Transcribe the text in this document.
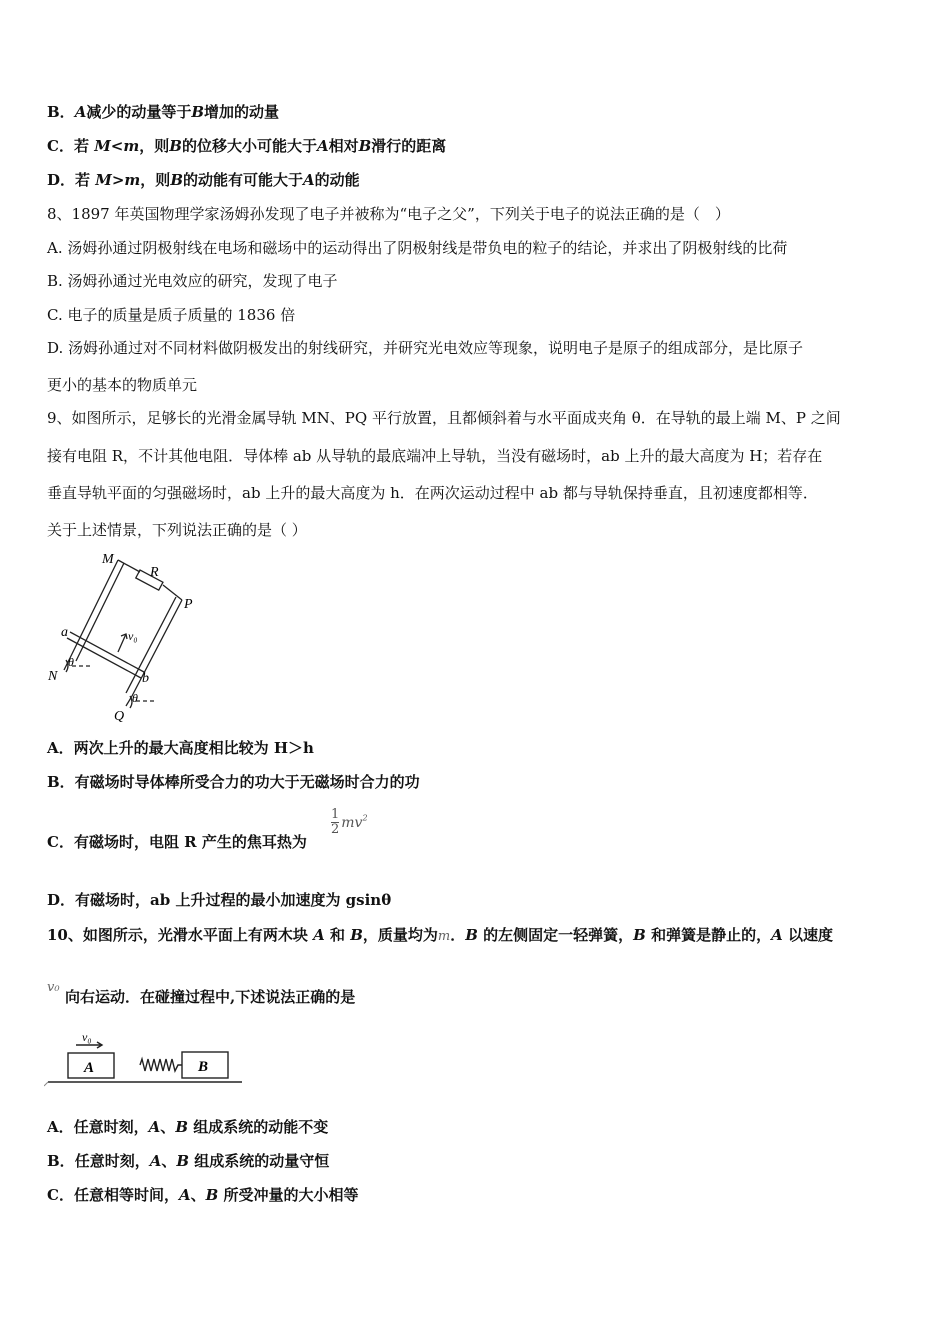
B．A减少的动量等于B增加的动量
C．若 M<m，则B的位移大小可能大于A相对B滑行的距离
D．若 M>m，则B的动能有可能大于A的动能
8、1897 年英国物理学家汤姆孙发现了电子并被称为“电子之父”，下列关于电子的说法正确的是（　）
A. 汤姆孙通过阴极射线在电场和磁场中的运动得出了阴极射线是带负电的粒子的结论，并求出了阴极射线的比荷
B. 汤姆孙通过光电效应的研究，发现了电子
C. 电子的质量是质子质量的 1836 倍
D. 汤姆孙通过对不同材料做阴极发出的射线研究，并研究光电效应等现象，说明电子是原子的组成部分，是比原子
更小的基本的物质单元
9、如图所示，足够长的光滑金属导轨 MN、PQ 平行放置，且都倾斜着与水平面成夹角 θ．在导轨的最上端 M、P 之间
接有电阻 R，不计其他电阻．导体棒 ab 从导轨的最底端冲上导轨，当没有磁场时，ab 上升的最大高度为 H；若存在
垂直导轨平面的匀强磁场时，ab 上升的最大高度为 h．在两次运动过程中 ab 都与导轨保持垂直，且初速度都相等．
关于上述情景，下列说法正确的是（ ）
M
R
P
a	v₀
θ
N	b
θ
Q
A．两次上升的最大高度相比较为 H＞h
B．有磁场时导体棒所受合力的功大于无磁场时合力的功
C．有磁场时，电阻 R 产生的焦耳热为
$\frac{1}{2} mv^2$
D．有磁场时，ab 上升过程的最小加速度为 gsinθ
10、如图所示，光滑水平面上有两木块 A 和 B，质量均为m．B 的左侧固定一轻弹簧，B 和弹簧是静止的，A 以速度
v₀
向右运动．在碰撞过程中,下述说法正确的是
v₀
A	B
A．任意时刻，A、B 组成系统的动能不变
B．任意时刻，A、B 组成系统的动量守恒
C．任意相等时间，A、B 所受冲量的大小相等
